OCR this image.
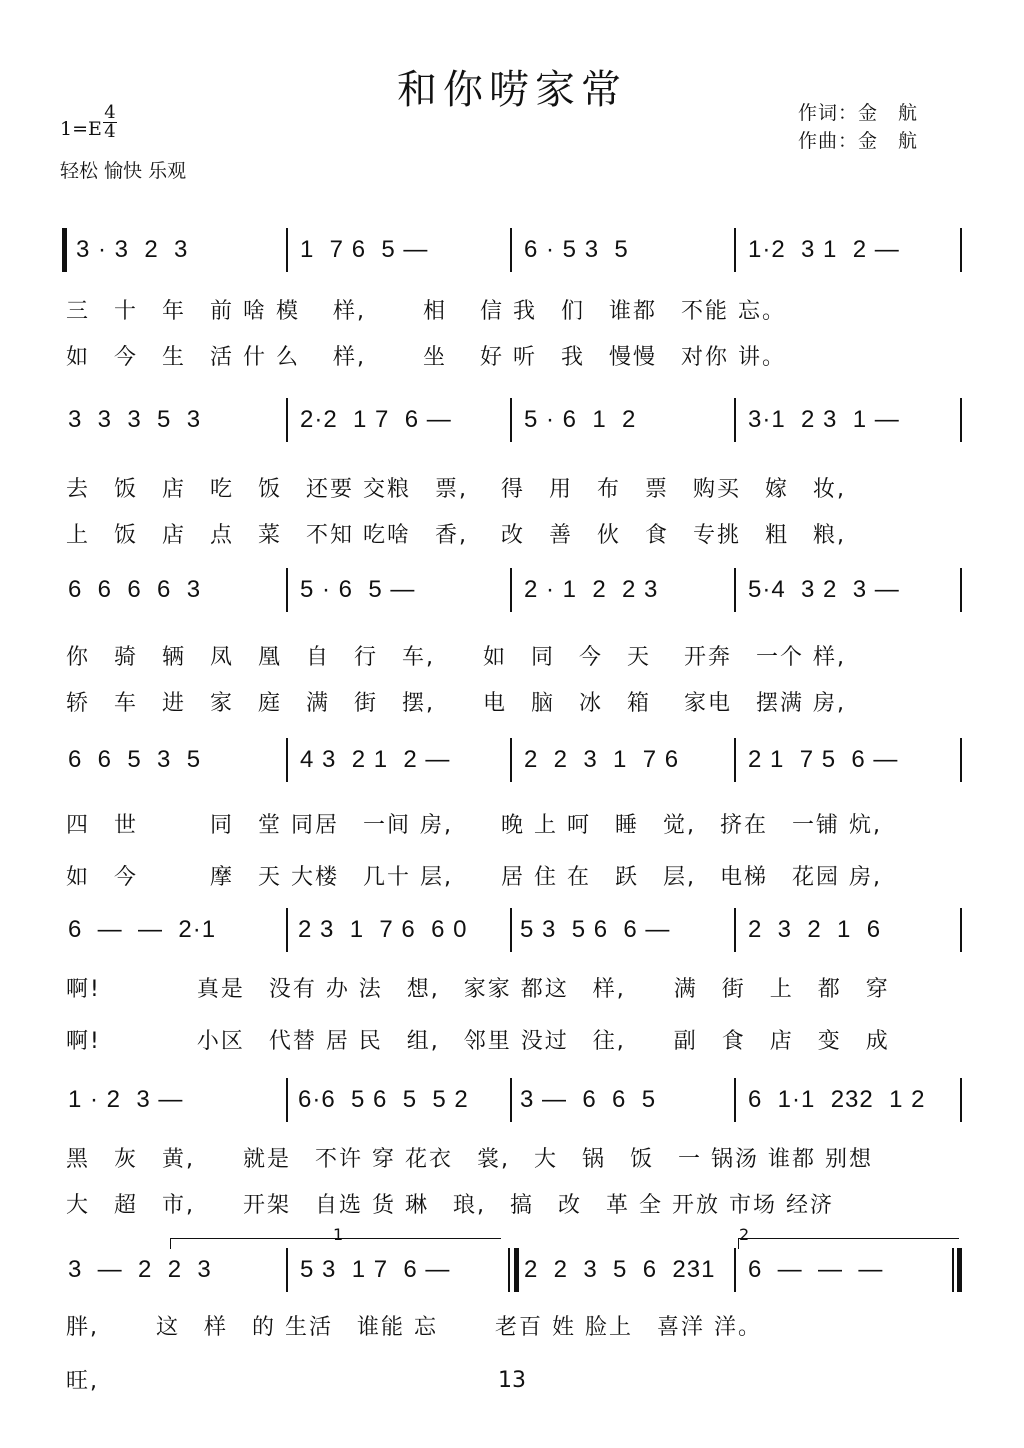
和你唠家常
1=E
4
4
轻松 愉快 乐观
作词：金　航
作曲：金　航
3 · 3  2  3	1  7 6  5 —	6 · 5 3  5	1·2  3 1  2 —
三　十　年　前 啥 模　 样,　　 相　 信 我　们　谁都　不能 忘。
如　今　生　活 什 么　 样,　　 坐　 好 听　我　慢慢　对你 讲。
3  3  3  5  3	2·2  1 7  6 —	5 · 6  1  2	3·1  2 3  1 —
去　饭　店　吃　饭　还要 交粮　票,　 得　用　布　票　购买　嫁　妆,
上　饭　店　点　菜　不知 吃啥　香,　 改　善　伙　食　专挑　粗　粮,
6  6  6  6  3	5 · 6  5 —	2 · 1  2  2 3	5·4  3 2  3 —
你　骑　辆　凤　凰　自　行　车,　　如　同　今　天　 开奔　一个 样,
轿　车　进　家　庭　满　街　摆,　　电　脑　冰　箱　 家电　摆满 房,
6  6  5  3  5	4 3  2 1  2 —	2  2  3  1  7 6	2 1  7 5  6 —
四　世　　　同　堂 同居　一间 房,　　晚 上 呵　睡　觉,　挤在　一铺 炕,
如　今　　　摩　天 大楼　几十 层,　　居 住 在　跃　层,　电梯　花园 房,
6  —  —  2·1	2 3  1  7 6  6 0	5 3  5 6  6 —	2  3  2  1  6
啊!　　　　真是　没有 办 法　想,　家家 都这　样,　　满　街　上　都　穿
啊!　　　　小区　代替 居 民　组,　邻里 没过　往,　　副　食　店　变　成
1 · 2  3 —	6·6  5 6  5  5 2	3 —  6  6  5	6  1·1  232  1 2
黑　灰　黄,　　就是　不许 穿 花衣　裳,　大　锅　饭　一 锅汤 谁都 别想
大　超　市,　　开架　自选 货 琳　琅,　搞　改　革 全 开放 市场 经济
1	2
3  —  2  2  3	5 3  1 7  6 —	2  2  3  5  6  231	6  —  —  —
胖,　　 这　样　的 生活　谁能 忘　　 老百 姓 脸上　喜洋 洋。
旺,	13
